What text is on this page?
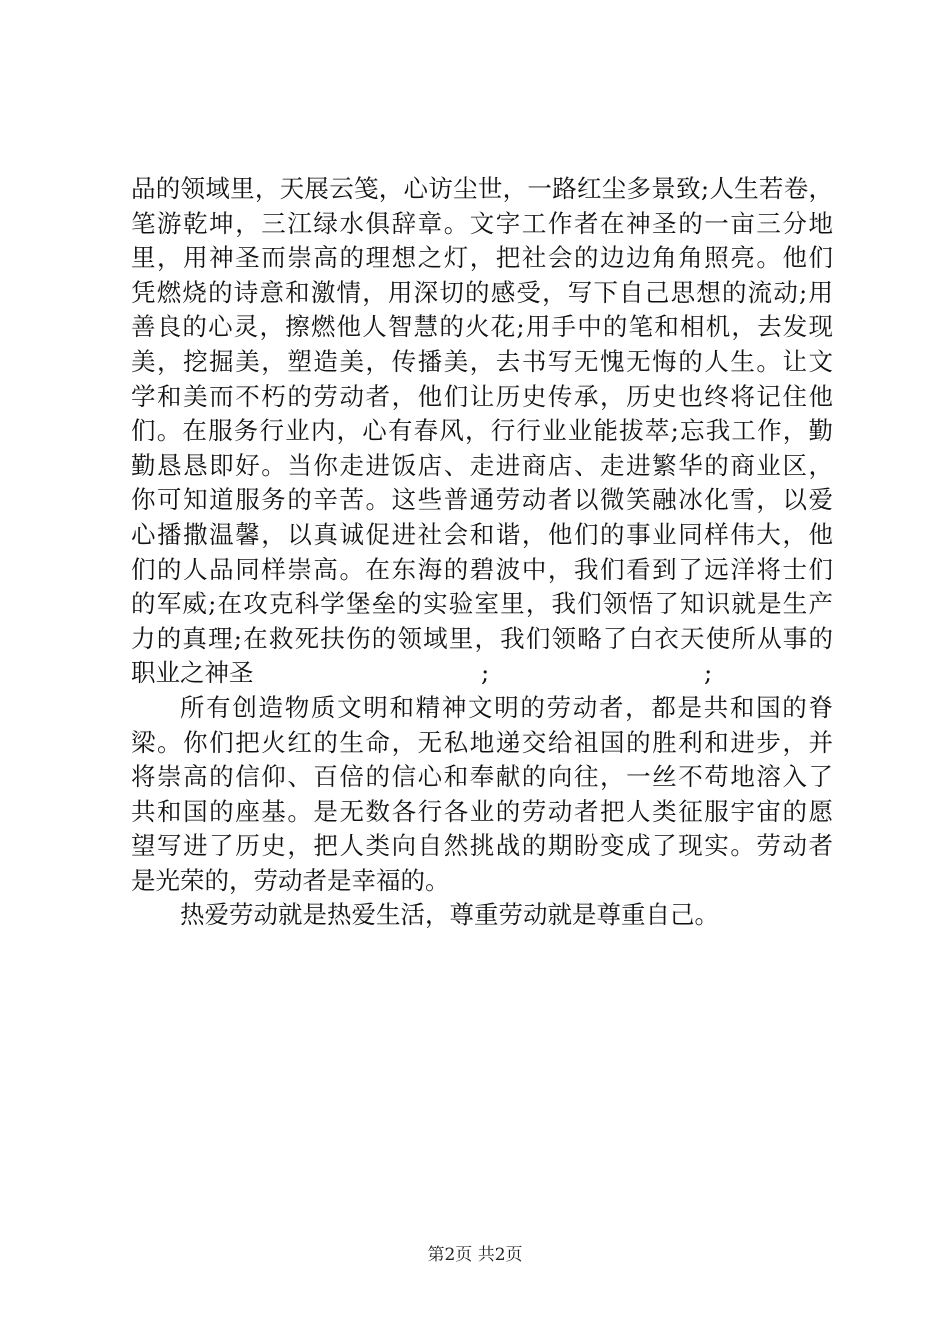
品的领域里，天展云笺，心访尘世，一路红尘多景致;人生若卷，
笔游乾坤，三江绿水俱辞章。文字工作者在神圣的一亩三分地
里，用神圣而崇高的理想之灯，把社会的边边角角照亮。他们
凭燃烧的诗意和激情，用深切的感受，写下自己思想的流动;用
善良的心灵，擦燃他人智慧的火花;用手中的笔和相机，去发现
美，挖掘美，塑造美，传播美，去书写无愧无悔的人生。让文
学和美而不朽的劳动者，他们让历史传承，历史也终将记住他
们。在服务行业内，心有春风，行行业业能拔萃;忘我工作，勤
勤恳恳即好。当你走进饭店、走进商店、走进繁华的商业区，
你可知道服务的辛苦。这些普通劳动者以微笑融冰化雪，以爱
心播撒温馨，以真诚促进社会和谐，他们的事业同样伟大，他
们的人品同样崇高。在东海的碧波中，我们看到了远洋将士们
的军威;在攻克科学堡垒的实验室里，我们领悟了知识就是生产
力的真理;在救死扶伤的领域里，我们领略了白衣天使所从事的

职业之神圣

	;

	;

所有创造物质文明和精神文明的劳动者，都是共和国的脊
梁。你们把火红的生命，无私地递交给祖国的胜利和进步，并
将崇高的信仰、百倍的信心和奉献的向往，一丝不苟地溶入了
共和国的座基。是无数各行各业的劳动者把人类征服宇宙的愿
望写进了历史，把人类向自然挑战的期盼变成了现实。劳动者
是光荣的，劳动者是幸福的。
热爱劳动就是热爱生活，尊重劳动就是尊重自己。
第2页 共2页
